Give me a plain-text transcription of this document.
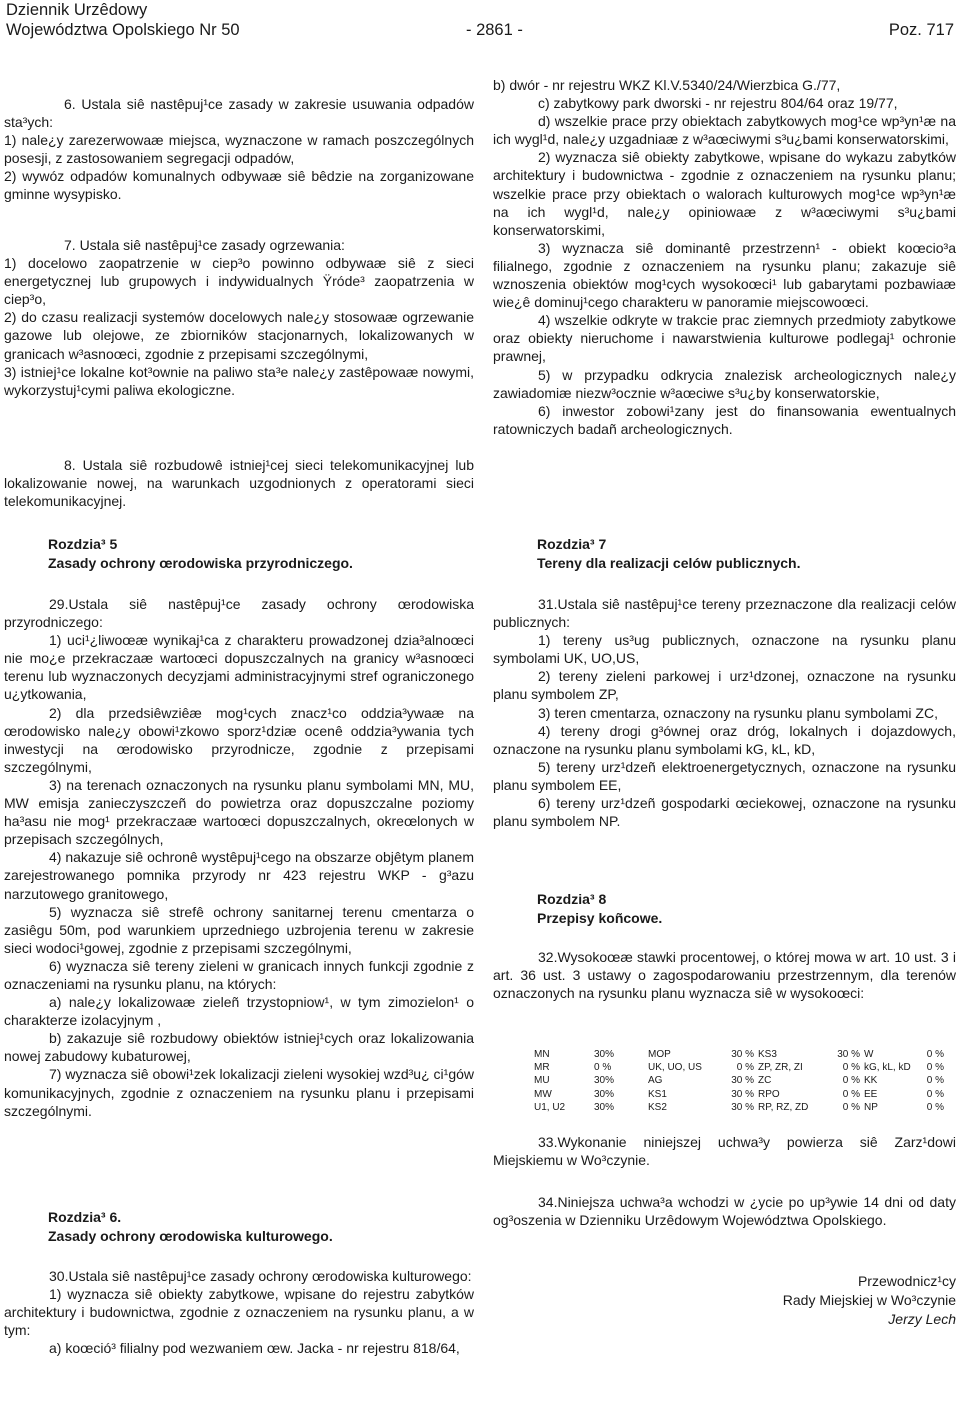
Dziennik Urzêdowy
Województwa Opolskiego Nr 50	- 2861 -	Poz. 717

6. Ustala siê nastêpuj¹ce zasady w zakresie usuwania odpadów sta³ych:

1) nale¿y zarezerwowaæ miejsca, wyznaczone w ramach poszczególnych posesji, z zastosowaniem segregacji odpadów,

2) wywóz odpadów komunalnych odbywaæ siê bêdzie na zorganizowane gminne wysypisko.

7. Ustala siê nastêpuj¹ce zasady ogrzewania:

1) docelowo zaopatrzenie w ciep³o powinno odbywaæ siê z sieci energetycznej lub grupowych i indywidualnych Ÿróde³ zaopatrzenia w ciep³o,

2) do czasu realizacji systemów docelowych nale¿y stosowaæ ogrzewanie gazowe lub olejowe, ze zbiorników stacjonarnych, lokalizowanych w granicach w³asnoœci, zgodnie z przepisami szczególnymi,

3) istniej¹ce lokalne kot³ownie na paliwo sta³e nale¿y zastêpowaæ nowymi, wykorzystuj¹cymi paliwa ekologiczne.

8. Ustala siê rozbudowê istniej¹cej sieci telekomunikacyjnej lub lokalizowanie nowej, na warunkach uzgodnionych z operatorami sieci telekomunikacyjnej.

Rozdzia³ 5
Zasady ochrony œrodowiska przyrodniczego.

29.Ustala siê nastêpuj¹ce zasady ochrony œrodowiska przyrodniczego:

1) uci¹¿liwoœæ wynikaj¹ca z charakteru prowadzonej dzia³alnoœci nie mo¿e przekraczaæ wartoœci dopuszczalnych na granicy w³asnoœci terenu lub wyznaczonych decyzjami administracyjnymi stref ograniczonego u¿ytkowania,

2) dla przedsiêwziêæ mog¹cych znacz¹co oddzia³ywaæ na œrodowisko nale¿y obowi¹zkowo sporz¹dziæ ocenê oddzia³ywania tych inwestycji na œrodowisko przyrodnicze, zgodnie z przepisami szczególnymi,

3) na terenach oznaczonych na rysunku planu symbolami MN, MU, MW emisja zanieczyszczeñ do powietrza oraz dopuszczalne poziomy ha³asu nie mog¹ przekraczaæ wartoœci dopuszczalnych, okreœlonych w przepisach szczególnych,

4) nakazuje siê ochronê wystêpuj¹cego na obszarze objêtym planem zarejestrowanego pomnika przyrody nr 423 rejestru WKP - g³azu narzutowego granitowego,

5) wyznacza siê strefê ochrony sanitarnej terenu cmentarza o zasiêgu 50m, pod warunkiem uprzedniego uzbrojenia terenu w zakresie sieci wodoci¹gowej, zgodnie z przepisami szczególnymi,

6) wyznacza siê tereny zieleni w granicach innych funkcji zgodnie z oznaczeniami na rysunku planu, na których:

a) nale¿y lokalizowaæ zieleñ trzystopniow¹, w tym zimozielon¹ o charakterze izolacyjnym ,

b) zakazuje siê rozbudowy obiektów istniej¹cych oraz lokalizowania nowej zabudowy kubaturowej,

7) wyznacza siê obowi¹zek lokalizacji zieleni wysokiej wzd³u¿ ci¹gów komunikacyjnych, zgodnie z oznaczeniem na rysunku planu i przepisami szczególnymi.

Rozdzia³ 6.
Zasady ochrony œrodowiska kulturowego.

30.Ustala siê nastêpuj¹ce zasady ochrony œrodowiska kulturowego:

1) wyznacza siê obiekty zabytkowe, wpisane do rejestru zabytków architektury i budownictwa, zgodnie z oznaczeniem na rysunku planu, a w tym:

a) koœció³ filialny pod wezwaniem œw. Jacka - nr rejestru 818/64,

b) dwór - nr rejestru WKZ Kl.V.5340/24/Wierzbica G./77,

c) zabytkowy park dworski - nr rejestru 804/64 oraz 19/77,

d) wszelkie prace przy obiektach zabytkowych mog¹ce wp³yn¹æ na ich wygl¹d, nale¿y uzgadniaæ z w³aœciwymi s³u¿bami konserwatorskimi,

2) wyznacza siê obiekty zabytkowe, wpisane do wykazu zabytków architektury i budownictwa - zgodnie z oznaczeniem na rysunku planu; wszelkie prace przy obiektach o walorach kulturowych mog¹ce wp³yn¹æ na ich wygl¹d, nale¿y opiniowaæ z w³aœciwymi s³u¿bami konserwatorskimi,

3) wyznacza siê dominantê przestrzenn¹ - obiekt koœcio³a filialnego, zgodnie z oznaczeniem na rysunku planu; zakazuje siê wznoszenia obiektów mog¹cych wysokoœci¹ lub gabarytami pozbawiaæ wie¿ê dominuj¹cego charakteru w panoramie miejscowoœci.

4) wszelkie odkryte w trakcie prac ziemnych przedmioty zabytkowe oraz obiekty nieruchome i nawarstwienia kulturowe podlegaj¹ ochronie prawnej,

5) w przypadku odkrycia znalezisk archeologicznych nale¿y zawiadomiæ niezw³ocznie w³aœciwe s³u¿by konserwatorskie,

6) inwestor zobowi¹zany jest do finansowania ewentualnych ratowniczych badañ archeologicznych.

Rozdzia³ 7
Tereny dla realizacji celów publicznych.

31.Ustala siê nastêpuj¹ce tereny przeznaczone dla realizacji celów publicznych:

1) tereny us³ug publicznych, oznaczone na rysunku planu symbolami UK, UO,US,

2) tereny zieleni parkowej i urz¹dzonej, oznaczone na rysunku planu symbolem ZP,

3) teren cmentarza, oznaczony na rysunku planu symbolami ZC,

4) tereny drogi g³ównej oraz dróg, lokalnych i dojazdowych, oznaczone na rysunku planu symbolami kG, kL, kD,

5) tereny urz¹dzeñ elektroenergetycznych, oznaczone na rysunku planu symbolem EE,

6) tereny urz¹dzeñ gospodarki œciekowej, oznaczone na rysunku planu symbolem NP.

Rozdzia³ 8
Przepisy koñcowe.

32.Wysokoœæ stawki procentowej, o której mowa w art. 10 ust. 3 i art. 36 ust. 3 ustawy o zagospodarowaniu przestrzennym, dla terenów oznaczonych na rysunku planu wyznacza siê w wysokoœci:

33.Wykonanie niniejszej uchwa³y powierza siê Zarz¹dowi Miejskiemu w Wo³czynie.

34.Niniejsza uchwa³a wchodzi w ¿ycie po up³ywie 14 dni od daty og³oszenia w Dzienniku Urzêdowym Województwa Opolskiego.

MN	30%	MOP	30 %	KS3	30 %	W	0 %
MR	0 %	UK, UO, US	0 %	ZP, ZR, ZI	0 %	kG, kL, kD	0 %
MU	30%	AG	30 %	ZC	0 %	KK	0 %
MW	30%	KS1	30 %	RPO	0 %	EE	0 %
U1, U2	30%	KS2	30 %	RP, RZ, ZD	0 %	NP	0 %
Przewodnicz¹cy
Rady Miejskiej w Wo³czynie
Jerzy Lech
